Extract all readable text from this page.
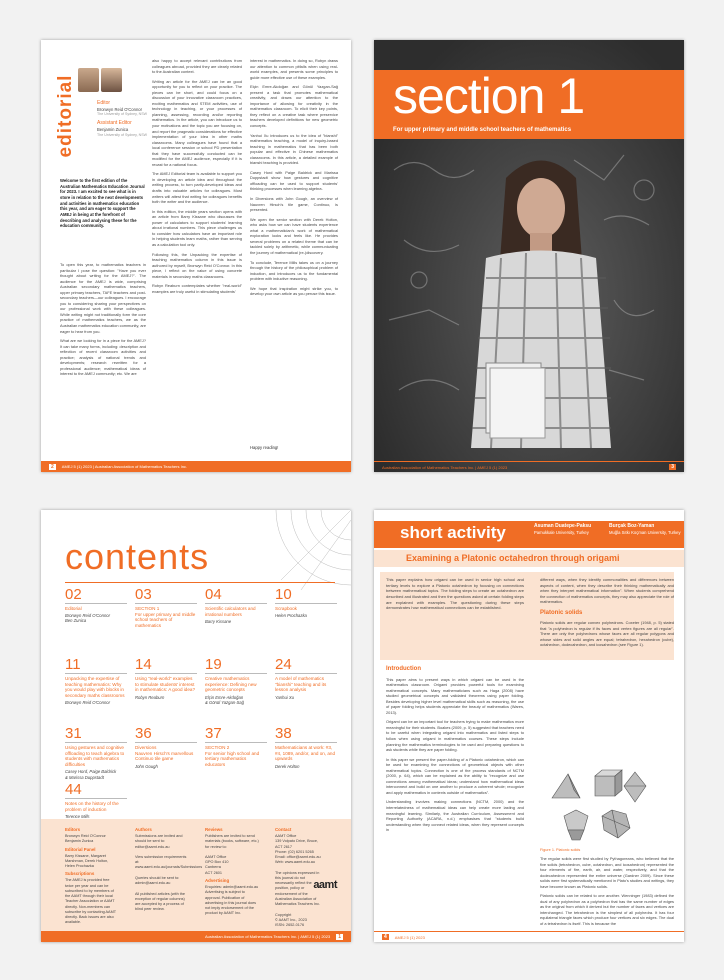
editorial	Editor
Bronwyn Reid O'Connor
The University of Sydney, NSW
Assistant Editor
Benjamin Zunica
The University of Sydney, NSW
Welcome to the first edition of the Australian Mathematics Education Journal for 2023. I am excited to see what is in store in relation to the next developments and activities in mathematics education this year, and am eager to support the AMEJ in being at the forefront of describing and analysing these for the education community.

To open this year, to mathematics teachers in particular I pose the question: "Have you ever thought about writing for the AMEJ?". The audience for the AMEJ is wide, comprising Australian secondary mathematics teachers, upper primary teachers, TAFE teachers and post-secondary teachers—our colleagues. I encourage you to considering sharing your perspectives on our professional work with these colleagues. While writing might not traditionally form the core practice of mathematics teachers, we as the Australian mathematics education community, are eager to hear from you.

What are we looking for in a piece for the AMEJ? It can take many forms, including: description and reflection of recent classroom activities and practice; analysis of national trends and developments; research rewritten for a professional audience; mathematical ideas of interest to the AMEJ community; etc. We are

also happy to accept relevant contributions from colleagues abroad, provided they are clearly related to the Australian context.

Writing an article for the AMEJ can be an good opportunity for you to reflect on your practice. The pieces can be short, and could focus on a discussion of your innovative classroom practices, exciting mathematics and STEM activities, use of technology in teaching, or your processes of planning, assessing, recording and/or reporting mathematics. In the article, you can introduce us to your motivations and the topic you are focusing on, and report the pragmatic considerations for effective implementation of your idea in other maths classrooms. Many colleagues have found that a local conference session or school PD presentation that they have successfully conducted can be modified for the AMEJ audience, especially if it is recast for a national focus.

The AMEJ Editorial team is available to support you in developing an article idea and throughout the writing process, to turn partly-developed ideas and drafts into valuable articles for colleagues. Most writers will attest that writing for colleagues benefits both the writer and the audience.

In this edition, the middle years section opens with an article from Barry Kissane who discusses the power of calculators to support students' learning about irrational numbers. This piece challenges us to consider how calculators have an important role in helping students learn maths, rather than serving as a calculation tool only.

Following this, the Unpacking the expertise of teaching mathematics column in this issue is authored by myself, Bronwyn Reid O'Connor. In this piece, I reflect on the value of using concrete materials in secondary maths classrooms.

Robyn Reaburn contemplates whether "real-world" examples are truly useful in stimulating students'

interest in mathematics. In doing so, Robyn draws our attention to common pitfalls when using real-world examples, and presents some principles to guide more effective use of these examples.

Elçin Emre-Akdoğan and Gönül Yazgan-Sağ present a task that promotes mathematical creativity, and draws our attention to the importance of allowing for creativity in the mathematics classroom. To elicit their key points, they reflect on a creative task where preservice teachers developed definitions for new geometric concepts.

Yanhui Xu introduces us to the idea of "bianshi" mathematics teaching, a model of inquiry-based teaching in mathematics that has been both popular and effective in Chinese mathematics classrooms. In this article, a detailed example of bianshi teaching is provided.

Casey Hord with Paige Baldrick and Marissa Duppstadt show how gestures and cognitive offloading can be used to support students' thinking processes when learning algebra.

In Diversions with John Gough, an overview of Nauvren Hirsch's tile game, Continuo, is presented.

We open the senior section with Derek Holton, who asks how we can have students experience what a mathematician's work of mathematical exploration looks and feels like. He provides several problems on a related theme that can be tackled solely by arithmetic, while communicating the journey of mathematical (re-)discovery.

To conclude, Terence Mills takes us on a journey through the history of the philosophical problem of induction, and introduces us to the fundamental problem with inductive reasoning.

We hope that inspiration might strike you, to develop your own article as you peruse this issue.

Happy reading!
2	AMEJ 5 (1) 2023 | Australian Association of Mathematics Teachers Inc.
section 1
For upper primary and middle school teachers of mathematics
Australian Association of Mathematics Teachers Inc. | AMEJ 5 (1) 2023	3
contents
02
Editorial
Bronwyn Reid O'Connor
Ben Zunica
03
SECTION 1
For upper primary and middle school teachers of mathematics
04
Scientific calculators and irrational numbers
Barry Kissane
10
Scrapbook
Helen Prochazka
11
Unpacking the expertise of teaching mathematics: Why you would play with blocks in secondary maths classrooms
Bronwyn Reid O'Connor
14
Using "real-world" examples to stimulate students' interest in mathematics: A good idea?
Robyn Reaburn
19
Creative mathematics experience: Defining new geometric concepts
Elçin Emre-Akdoğan
& Gönül Yazgan-Sağ
24
A model of mathematics "bianshi" teaching and its lesson analysis
Yanhui Xu
31
Using gestures and cognitive offloading to teach algebra to students with mathematics difficulties
Casey Hord, Paige Baldrick
& Marissa Duppstadt
36
Diversions
Nauvren Hirsch's marvellous Continuo tile game
John Gough
37
SECTION 2
For senior high school and tertiary mathematics educators
38
Mathematicians at work: #3, #4, 1089, and/or, and on, and upwards
Derek Holton
44
Notes on the history of the problem of induction
Terence Mills
Editors
Bronwyn Reid O'Connor
Benjamin Zunica
Editorial Panel
Barry Kissane, Margaret Marshman, Derek Holton, Helen Prochazka
Subscriptions
The AMEJ is provided free twice per year and can be subscribed to by members of the AAMT through their local Teacher Association or AAMT directly. Non-members can subscribe by contacting AAMT directly. Back issues are also available.
Authors
Submissions are invited and should be sent to: editor@aamt.edu.au

View submission requirements at: www.aamt.edu.au/journals/Submissions

Queries should be sent to: admin@aamt.edu.au

All published articles (with the exception of regular columns) are accepted by a process of blind peer review.
Reviews
Publishers are invited to send materials (books, software, etc.) for review to:

AAMT Office
GPO Box 410
Canberra
ACT 2601
Advertising
Enquiries: admin@aamt.edu.au
Advertising is subject to approval. Publication of advertising in this journal does not imply endorsement of the product by AAMT Inc.
Contact
AAMT Office
139 Volpato Drive, Bruce, ACT 2617
Phone: (02) 6201 5265
Email: office@aamt.edu.au
Web: www.aamt.edu.au

The opinions expressed in this journal do not necessarily reflect the position, policy or endorsement of the Australian Association of Mathematics Teachers Inc.

Copyright
© AAMT Inc., 2023
ISSN: 2652-0176
aamt
Australian Association of Mathematics Teachers Inc. | AMEJ 5 (1) 2023	1
short activity	Asuman Duatepe-Paksu
Pamukkale University, Turkey
Burçak Boz-Yaman
Muğla Sıtkı Koçman University, Turkey
Examining a Platonic octahedron through origami
This paper explains how origami can be used in senior high school and tertiary levels to explore a Platonic octahedron by focusing on connections between mathematical topics. The folding steps to create an octahedron are described and illustrated and then the questions asked at certain folding steps are explained with examples. The questioning during these steps demonstrates how mathematical connections can be established.
Introduction

This paper aims to present ways in which origami can be used in the mathematics classroom. Origami provides powerful tools for examining mathematical concepts. Many mathematicians such as Haga (2008) have studied geometrical concepts and validated theorems using paper folding. Besides developing higher level mathematical skills such as reasoning, the use of paper folding helps students appreciate the beauty of mathematics (Wares, 2013).

Origami can be an important tool for teachers trying to make mathematics more meaningful for their students. Boakes (2009, p. 5) suggested that teachers need to be careful when integrating origami into mathematics and listed steps to follow when using origami in mathematics courses. These steps include planning the mathematics terminologies to be used and preparing questions to ask students while they are paper folding.

In this paper we present the paper-folding of a Platonic octahedron, which can be used for examining the connections of geometrical objects with other mathematical topics. Connection is one of the process standards of NCTM (2000, p. 64), which can be explained as the ability to "recognize and use connections among mathematical ideas; understand how mathematical ideas interconnect and build on one another to produce a coherent whole; recognize and apply mathematics in contexts outside of mathematics".

Understanding involves making connections (NCTM, 2000) and the interrelatedness of mathematical ideas can help create more lasting and meaningful learning. Similarly, the Australian Curriculum, Assessment and Reporting Authority (ACARA, n.d.) emphasises that "students build understanding when they connect related ideas, when they represent concepts in

different ways, when they identify commonalities and differences between aspects of content, when they describe their thinking mathematically and when they interpret mathematical information". When students comprehend the connection of mathematics concepts, they may also appreciate the role of mathematics.

Platonic solids

Platonic solids are regular convex polyhedrons. Coxeter (1948, p. 5) stated that "a polyhedron is regular if its faces and vertex figures are all regular". There are only five polyhedrons whose faces are all regular polygons and whose sides and solid angles are equal; tetrahedron, hexahedron (cube), octahedron, dodecahedron, and icosahedron (see Figure 1).

Figure 1. Platonic solids

The regular solids were first studied by Pythagoreans, who believed that the five solids (tetrahedron, cube, octahedron, and icosahedron) represented the four elements of fire, earth, air, and water, respectively, and that the dodecahedron represented the entire universe (Gardner 2009). Since these solids were first systematically mentioned in Plato's studies and writings, they have become known as Platonic solids.

Platonic solids can be related to one another. Wenninger (1983) defined the dual of any polyhedron as a polyhedron that has the same number of edges as the original from which it derived but the number of faces and vertices are interchanged. The tetrahedron is the simplest of all polyhedra. It has four equilateral triangle faces which produce four vertices and six edges. The dual of a tetrahedron is itself. This is because the

4	AMEJ 5 (1) 2023
